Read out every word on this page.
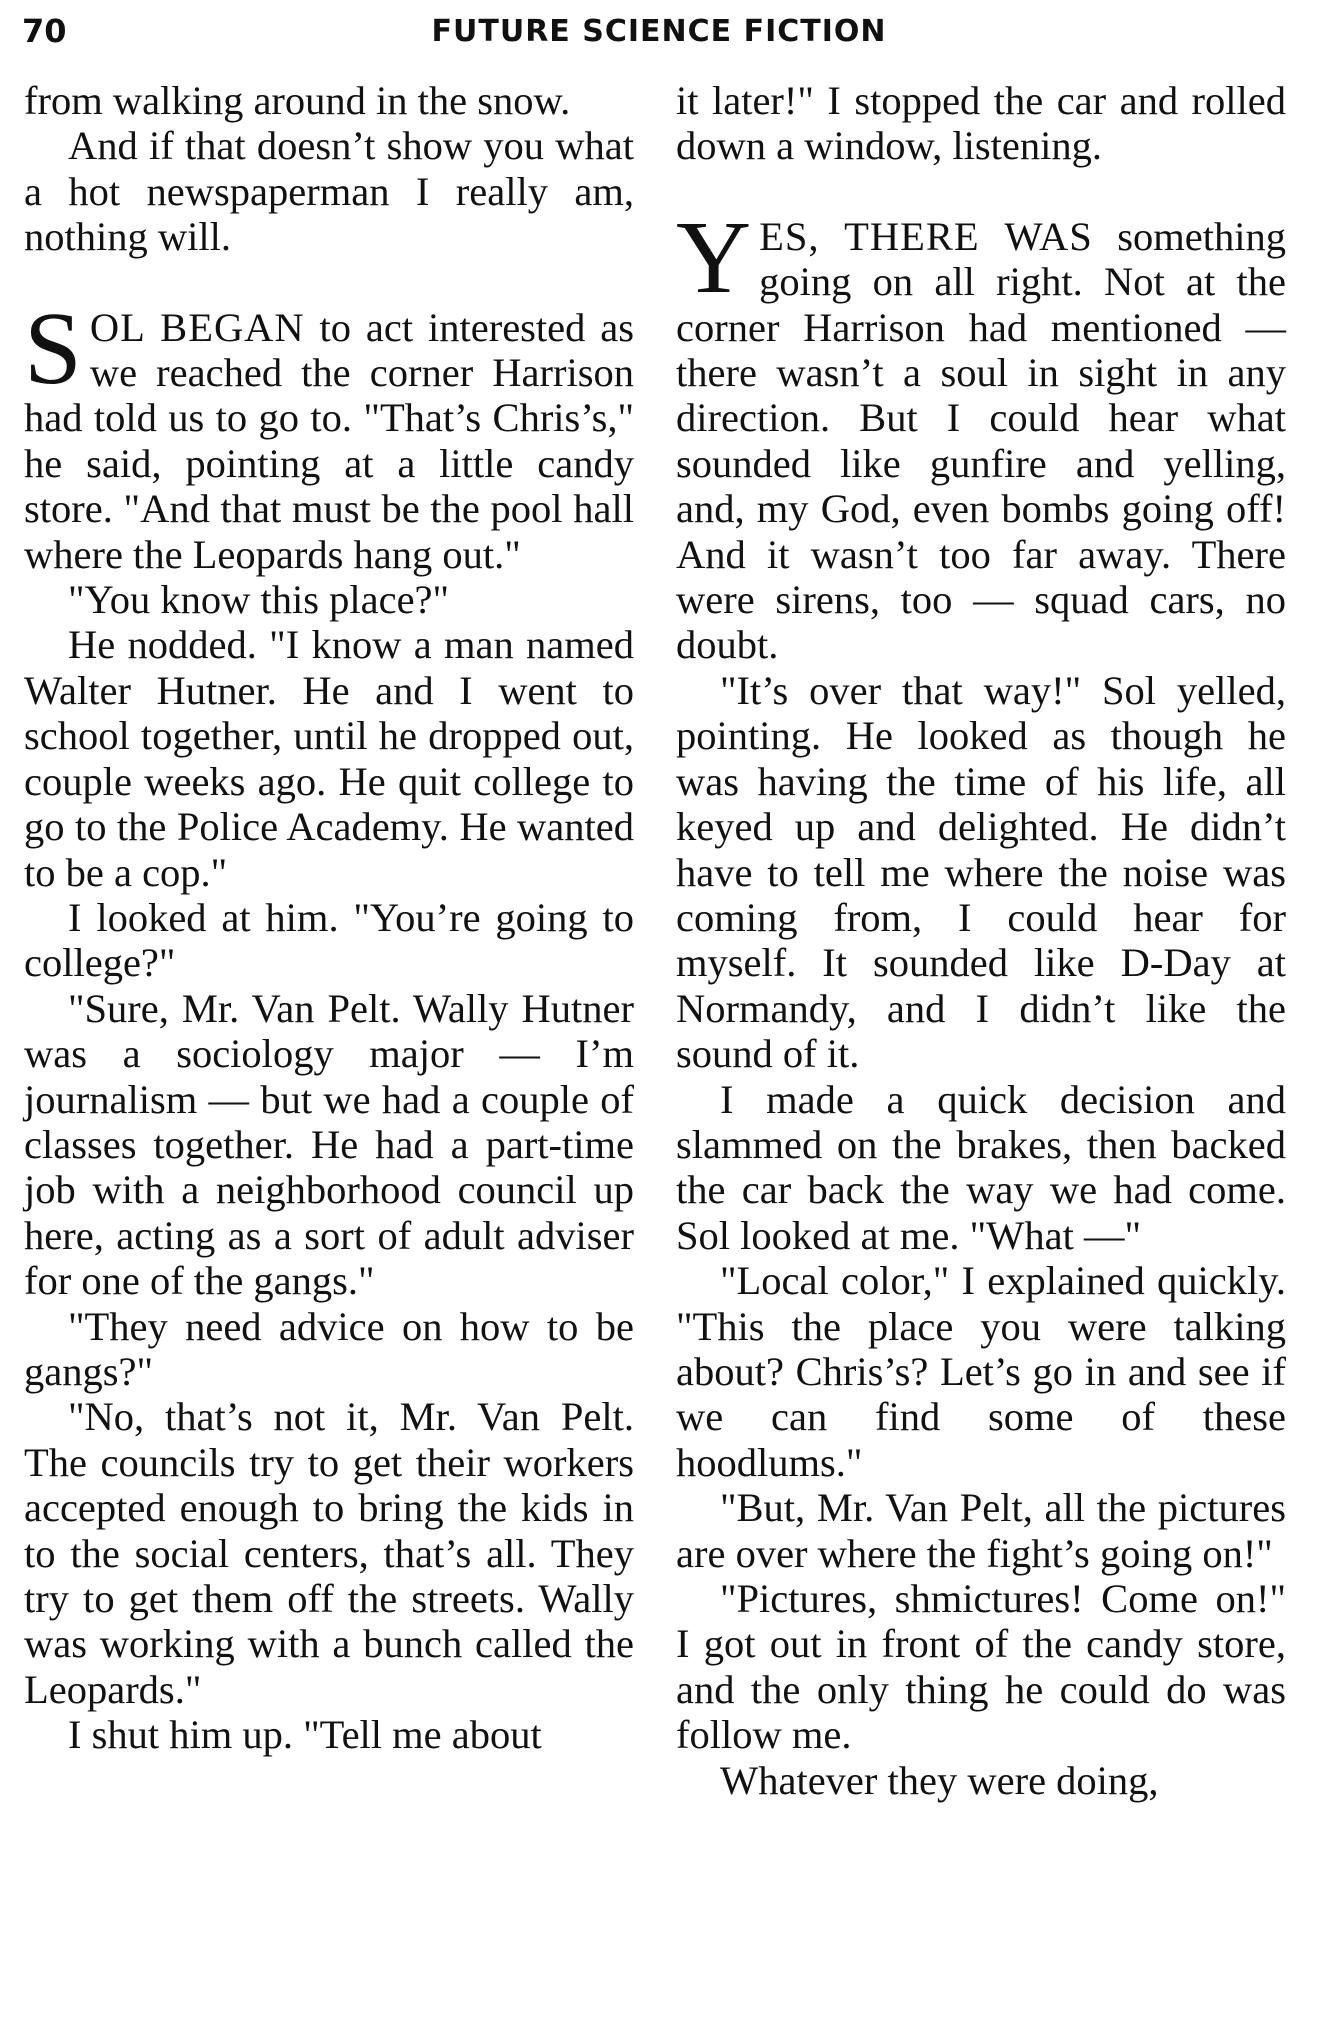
70	FUTURE SCIENCE FICTION

from walking around in the snow.

And if that doesn’t show you what a hot newspaperman I really am, nothing will.

SOL BEGAN to act interested as we reached the corner Harrison had told us to go to. "That’s Chris’s," he said, pointing at a little candy store. "And that must be the pool hall where the Leopards hang out."

"You know this place?"

He nodded. "I know a man named Walter Hutner. He and I went to school together, until he dropped out, couple weeks ago. He quit college to go to the Police Academy. He wanted to be a cop."

I looked at him. "You’re going to college?"

"Sure, Mr. Van Pelt. Wally Hutner was a sociology major — I’m journalism — but we had a couple of classes together. He had a part-time job with a neighborhood council up here, acting as a sort of adult adviser for one of the gangs."

"They need advice on how to be gangs?"

"No, that’s not it, Mr. Van Pelt. The councils try to get their workers accepted enough to bring the kids in to the social centers, that’s all. They try to get them off the streets. Wally was working with a bunch called the Leopards."

I shut him up. "Tell me about

it later!" I stopped the car and rolled down a window, listening.

YES, THERE WAS something going on all right. Not at the corner Harrison had mentioned — there wasn’t a soul in sight in any direction. But I could hear what sounded like gunfire and yelling, and, my God, even bombs going off! And it wasn’t too far away. There were sirens, too — squad cars, no doubt.

"It’s over that way!" Sol yelled, pointing. He looked as though he was having the time of his life, all keyed up and delighted. He didn’t have to tell me where the noise was coming from, I could hear for myself. It sounded like D-Day at Normandy, and I didn’t like the sound of it.

I made a quick decision and slammed on the brakes, then backed the car back the way we had come. Sol looked at me. "What —"

"Local color," I explained quickly. "This the place you were talking about? Chris’s? Let’s go in and see if we can find some of these hoodlums."

"But, Mr. Van Pelt, all the pictures are over where the fight’s going on!"

"Pictures, shmictures! Come on!" I got out in front of the candy store, and the only thing he could do was follow me.

Whatever they were doing,
